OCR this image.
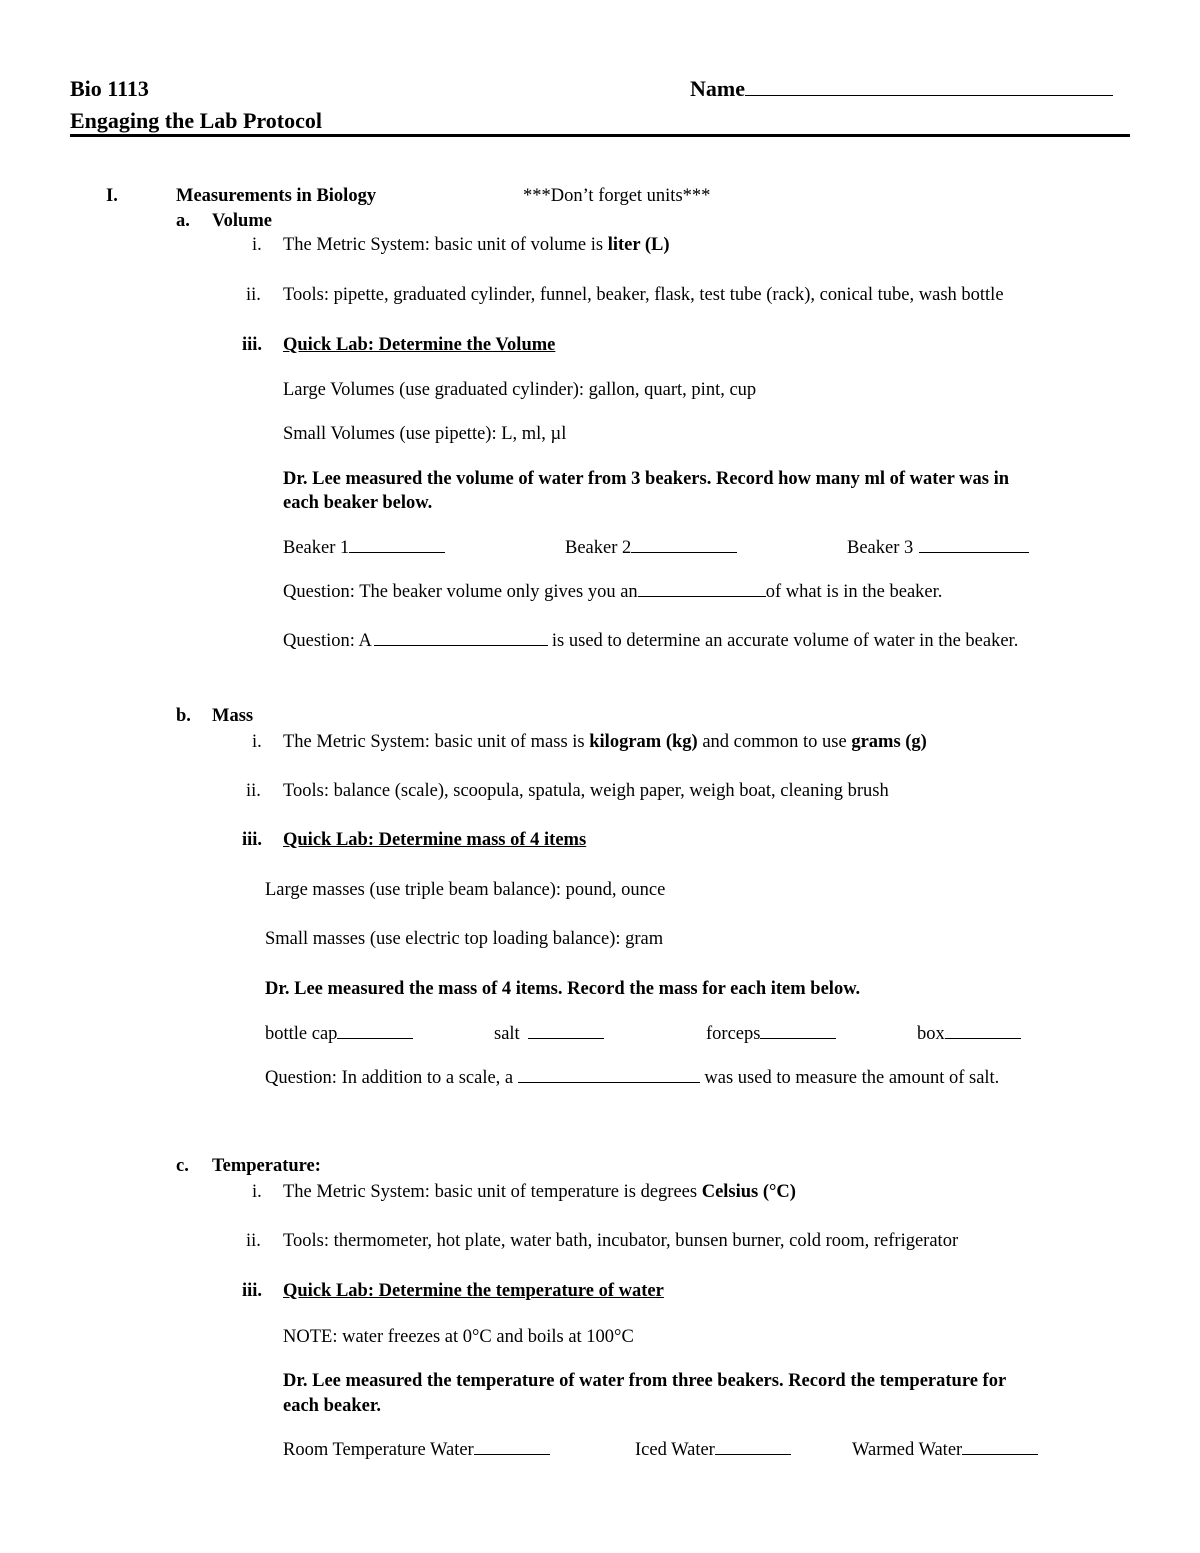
Bio 1113	Name
Engaging the Lab Protocol
I.	Measurements in Biology	***Don’t forget units***
a. Volume
i. The Metric System: basic unit of volume is liter (L)
ii. Tools: pipette, graduated cylinder, funnel, beaker, flask, test tube (rack), conical tube, wash bottle
iii. Quick Lab: Determine the Volume
Large Volumes (use graduated cylinder): gallon, quart, pint, cup
Small Volumes (use pipette): L, ml, µl
Dr. Lee measured the volume of water from 3 beakers. Record how many ml of water was in
each beaker below.
Beaker 1	Beaker 2	Beaker 3
Question: The beaker volume only gives you an	of what is in the beaker.
Question: A	is used to determine an accurate volume of water in the beaker.
b. Mass
i. The Metric System: basic unit of mass is kilogram (kg) and common to use grams (g)
ii. Tools: balance (scale), scoopula, spatula, weigh paper, weigh boat, cleaning brush
iii. Quick Lab: Determine mass of 4 items
Large masses (use triple beam balance): pound, ounce
Small masses (use electric top loading balance): gram
Dr. Lee measured the mass of 4 items. Record the mass for each item below.
bottle cap	salt	forceps	box
Question: In addition to a scale, a	was used to measure the amount of salt.
c. Temperature:
i. The Metric System: basic unit of temperature is degrees Celsius (°C)
ii. Tools: thermometer, hot plate, water bath, incubator, bunsen burner, cold room, refrigerator
iii. Quick Lab: Determine the temperature of water
NOTE: water freezes at 0°C and boils at 100°C
Dr. Lee measured the temperature of water from three beakers. Record the temperature for
each beaker.
Room Temperature Water	Iced Water	Warmed Water
